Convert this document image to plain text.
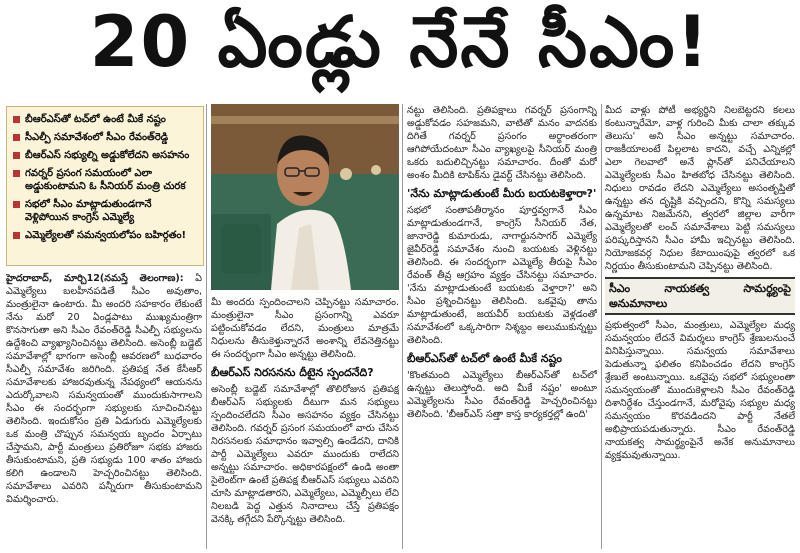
20 ఏండ్లు నేనే సీఎం!
బీఆర్ఎస్‌తో టచ్‌లో ఉంటే మీకే నష్టం
సీఎల్పీ సమావేశంలో సీఎం రేవంత్‌రెడ్డి
బీఆర్ఎస్ సభ్యుల్ని అడ్డుకోలేదని అసహనం
గవర్నర్ ప్రసంగ సమయంలో ఎలా అడ్డుకుంటామని ఓ సీనియర్ మంత్రి చురక
సభలో సీఎం మాట్లాడుతుండగానే వెళ్లిపోయిన కాంగ్రెస్ ఎమ్మెల్యే
ఎమ్మెల్యేలతో సమన్వయలోపం బహిర్గతం!

హైదరాబాద్, మార్చి12(నమస్తే తెలంగాణ): ఏ ఎమ్మెల్యేలు బలహీనపడితే సీఎం అవుతాం, మంత్రులైనా ఉంటారు. మీ అందరి సహకారం లేకుంటే నేను మరో 20 ఏండ్లపాటు ముఖ్యమంత్రిగా కొనసాగుతా అని సీఎం రేవంత్‌రెడ్డి సీఎల్పీ సభ్యులను ఉద్దేశించి వ్యాఖ్యానించినట్టు తెలిసింది. అసెంబ్లీ బడ్జెట్ సమావేశాల్లో భాగంగా అసెంబ్లీ ఆవరణలో బుధవారం సీఎల్పీ సమావేశం జరిగింది. ప్రతిపక్ష నేత కేసీఆర్ సమావేశాలకు హాజరవుతున్న నేపథ్యంలో ఆయనను ఎదుర్కోవాలని సమన్వయంతో ముందుకుసాగాలని సీఎం ఈ సందర్భంగా సభ్యులకు సూచించినట్టు తెలిసింది. ఇందుకోసం ప్రతి ఏడుగురు ఎమ్మెల్యేలకు ఒక మంత్రి చొప్పున సమన్వయ బృందం ఏర్పాటు చేస్తామని, పార్టీ మంత్రులు ప్రతిరోజూ సభకు హాజరు తీసుకుంటామని, ప్రతి సభ్యుడు 100 శాతం హాజరు కలిగి ఉండాలని హెచ్చరించినట్టు తెలిసింది. సమావేశాలు ఎవరిని పన్నీరుగా తీసుకుంటామని విమర్శించారు.

మీ అందరు స్పందించాలని చెప్పినట్టు సమాచారం. మంత్రులైనా సీఎం ప్రసంగాన్ని ఎవరూ పట్టించుకోవడం లేదని, మంత్రులు మాత్రమే నిధులను తీసుకెళ్తున్నారనే అంశాన్ని లేవనెత్తినట్టు ఈ సందర్భంగా సీఎం అన్నట్టు తెలిసింది.

బీఆర్ఎస్ నిరసనను దీటైన స్పందనేది?

అసెంబ్లీ బడ్జెట్ సమావేశాల్లో తొలిరోజున ప్రతిపక్ష బీఆర్ఎస్ సభ్యులకు దీటుగా మన సభ్యులు స్పందించలేదని సీఎం అసహనం వ్యక్తం చేసినట్టు తెలిసింది. గవర్నర్ ప్రసంగ సమయంలో వారు చేసిన నిరసనలకు సమాధానం ఇవ్వాల్సి ఉండేదని, దానికి పార్టీ ఎమ్మెల్యేలు ఎవరూ ముందుకు రాలేదని అన్నట్టు సమాచారం. అధికారపక్షంలో ఉండి అంతా సైలెంట్‌గా ఉంటే ప్రతిపక్ష బీఆర్ఎస్ సభ్యులు ఎవరిని చూసి మాట్లాడతారని, ఎమ్మెల్యేలు, ఎమ్మెల్సీలు లేచి నిలబడి పెద్ద ఎత్తున నినాదాలు చేస్తే ప్రతిపక్షం వెనక్కి తగ్గేదని పేర్కొన్నట్టు తెలిసింది.

నట్టు తెలిసింది. ప్రతిపక్షాలు గవర్నర్ ప్రసంగాన్ని అడ్డుకోవడం సహజమని, వాటితో మనం వాదనకు దిగితే గవర్నర్ ప్రసంగం అర్థాంతరంగా ఆగిపోయేదంటూ సీఎం వ్యాఖ్యలపై సీనియర్ మంత్రి ఒకరు బదులిచ్చినట్టు సమాచారం. దీంతో మరో అంశం మీదికి టాపిక్‌ను డైవర్ట్ చేసినట్టు తెలిసింది.

'నేను మాట్లాడుతుంటే మీరు బయటకెళ్తారా?'

సభలో సంతాపతీర్మానం పూర్తవ్వగానే సీఎం మాట్లాడుతుండగానే, కాంగ్రెస్ సీనియర్ నేత, జానారెడ్డి కుమారుడు, నాగార్జునసాగర్ ఎమ్మెల్యే జైవీర్‌రెడ్డి సమావేశం నుంచి బయటకు వెళ్లినట్టు తెలిసింది. ఈ సందర్భంగా ఎమ్మెల్యే తీరుపై సీఎం రేవంత్ తీవ్ర ఆగ్రహం వ్యక్తం చేసినట్టు సమాచారం. 'నేను మాట్లాడుతుంటే బయటకు వెళ్తారా?' అని సీఎం ప్రశ్నించినట్టు తెలిసింది. ఒకవైపు తాను మాట్లాడుతుంటే, జయవీర్ బయటకు వెళ్లడంతో సమావేశంలో ఒక్కసారిగా నిశ్శబ్దం అలుముకున్నట్టు తెలిసింది.

బీఆర్ఎస్‌తో టచ్‌లో ఉంటే మీకే నష్టం

'కొంతమంది ఎమ్మెల్యేలు బీఆర్ఎస్‌తో టచ్‌లో ఉన్నట్టు తెలుస్తోంది. అది మీకే నష్టం' అంటూ ఎమ్మెల్యేలను సీఎం రేవంత్‌రెడ్డి హెచ్చరించినట్టు తెలిసింది. 'బీఆర్ఎస్ సత్తా కాస్త కార్యకర్తల్లో ఉంది'

మీద వాళ్లు పోటీ అభ్యర్థిని నిలబెట్టరని కలలు కంటున్నారేమో, వాళ్ల గురించి మీకు చాలా తక్కువ తెలుసు' అని సీఎం అన్నట్టు సమాచారం. రాజకీయాలంటే పిల్లలాట కాదని, వచ్చే ఎన్నికల్లో ఎలా గెలవాలో అనే ప్లాన్‌తో పనిచేయాలని ఎమ్మెల్యేలకు సీఎం హితబోధ చేసినట్టు తెలిసింది. నిధులు రావడం లేదని ఎమ్మెల్యేలు అసంతృప్తితో ఉన్నట్టు తన దృష్టికి వచ్చిందని, కొన్ని సమస్యలు ఉన్నమాట నిజమేనని, త్వరలో జిల్లాల వారీగా ఎమ్మెల్యేలతో లంచ్ సమావేశాలు పెట్టి సమస్యలు పరిష్కరిస్తానని సీఎం హామీ ఇచ్చినట్టు తెలిసింది. నియోజకవర్గ నిధుల కేటాయింపుపై త్వరలో ఒక నిర్ణయం తీసుకుంటామని చెప్పినట్టు తెలిసింది.

సీఎం నాయకత్వ సామర్థ్యంపై అనుమానాలు

ప్రభుత్వంలో సీఎం, మంత్రులు, ఎమ్మెల్యేల మధ్య సమన్వయం లేదనే విమర్శలు కాంగ్రెస్ శ్రేణులనుంచే వినిపిస్తున్నాయి. సమన్వయ సమావేశాలు పెడుతున్నా ఫలితం కనిపించడం లేదని కాంగ్రెస్ శ్రేణులే అంటున్నాయి. ఒకవైపు సభలో సభ్యులంతా సమన్వయంతో ముందుకెళ్లాలని సీఎం రేవంత్‌రెడ్డి దిశానిర్దేశం చేస్తుండగానే, మరోవైపు సభ్యుల మధ్య సమన్వయం కొరవడిందని పార్టీ నేతలే అభిప్రాయపడుతున్నారు. సీఎం రేవంత్‌రెడ్డి నాయకత్వ సామర్థ్యంపైనే అనేక అనుమానాలు వ్యక్తమవుతున్నాయి.
